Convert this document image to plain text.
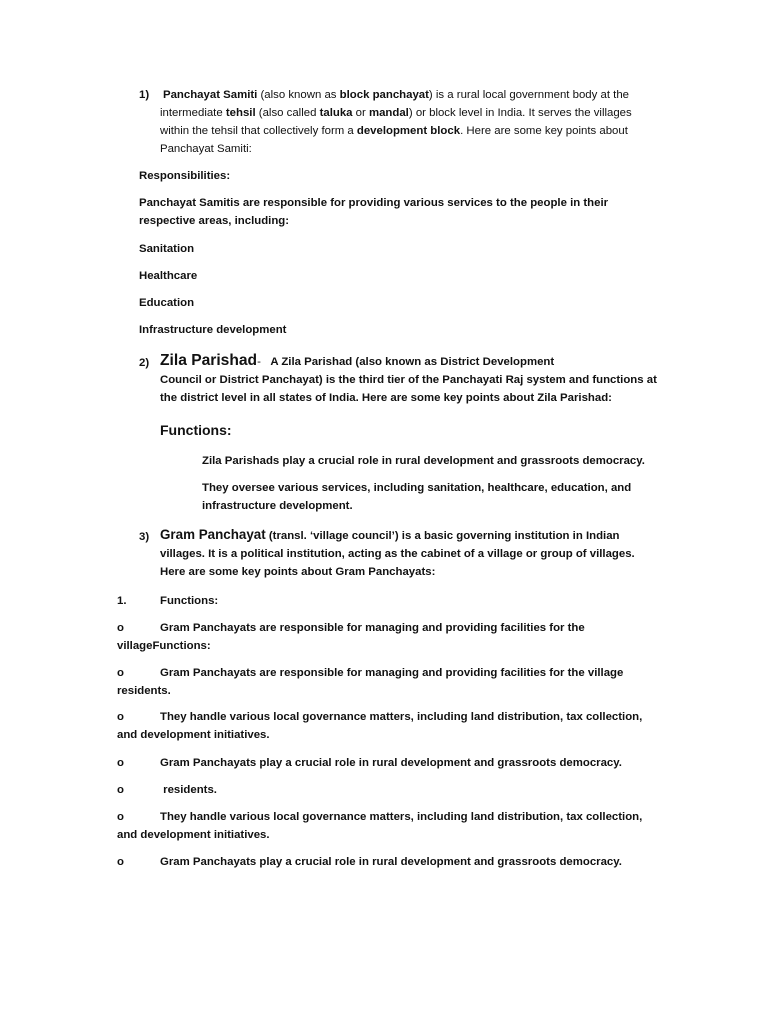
1) Panchayat Samiti (also known as block panchayat) is a rural local government body at the intermediate tehsil (also called taluka or mandal) or block level in India. It serves the villages within the tehsil that collectively form a development block. Here are some key points about Panchayat Samiti:
Responsibilities:
Panchayat Samitis are responsible for providing various services to the people in their respective areas, including:
Sanitation
Healthcare
Education
Infrastructure development
2) Zila Parishad- A Zila Parishad (also known as District Development
Council or District Panchayat) is the third tier of the Panchayati Raj system and functions at the district level in all states of India. Here are some key points about Zila Parishad:
Functions:
Zila Parishads play a crucial role in rural development and grassroots democracy.
They oversee various services, including sanitation, healthcare, education, and infrastructure development.
3) Gram Panchayat (transl. ‘village council’) is a basic governing institution in Indian villages. It is a political institution, acting as the cabinet of a village or group of villages. Here are some key points about Gram Panchayats:
1.	Functions:
o	Gram Panchayats are responsible for managing and providing facilities for the villageFunctions:
o	Gram Panchayats are responsible for managing and providing facilities for the village residents.
o	They handle various local governance matters, including land distribution, tax collection, and development initiatives.
o	Gram Panchayats play a crucial role in rural development and grassroots democracy.
o	residents.
o	They handle various local governance matters, including land distribution, tax collection, and development initiatives.
o	Gram Panchayats play a crucial role in rural development and grassroots democracy.
